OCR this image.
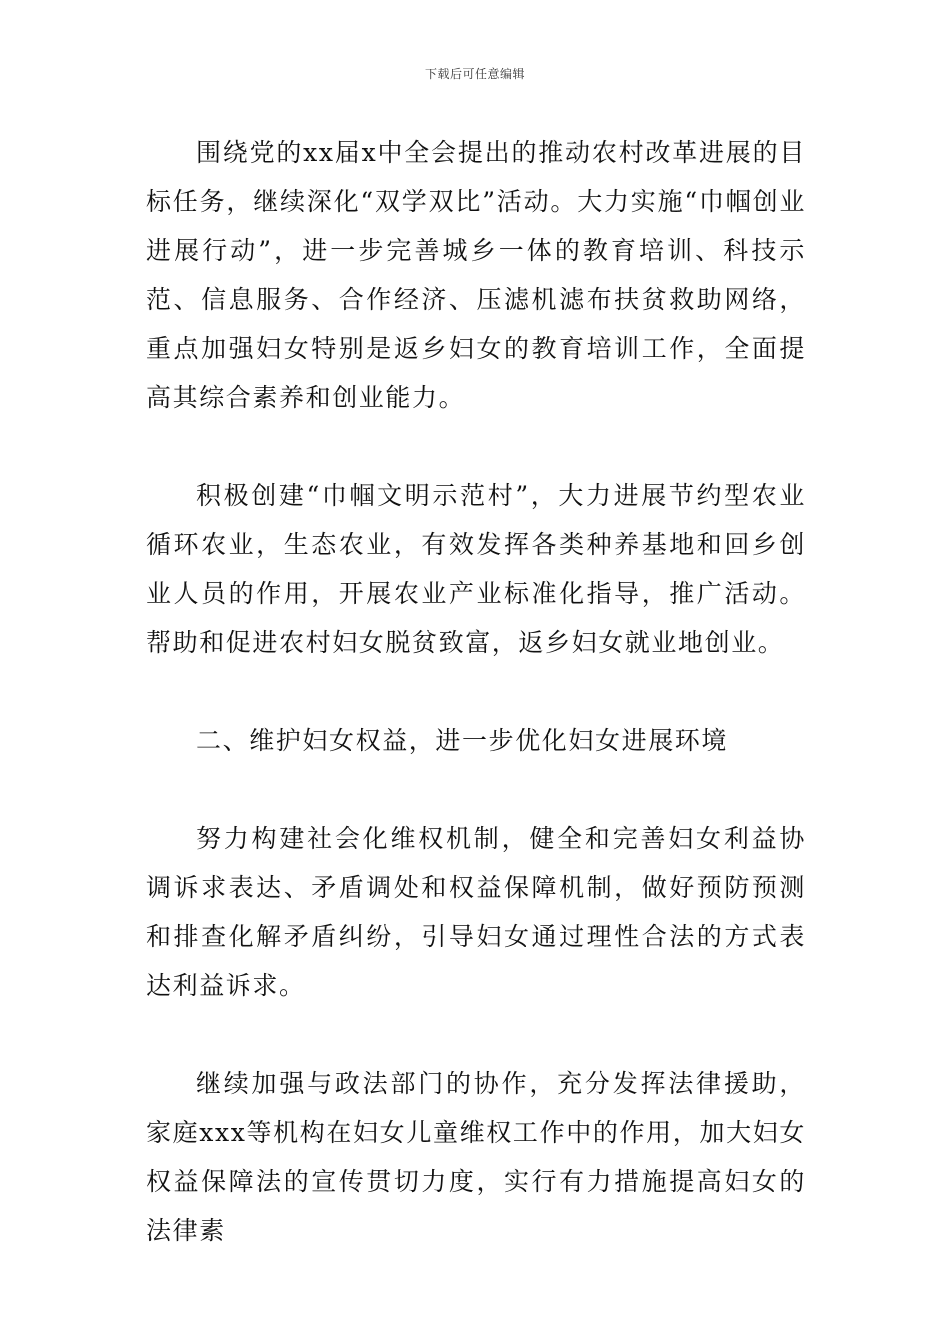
下载后可任意编辑

围绕党的xx届x中全会提出的推动农村改革进展的目标任务，继续深化“双学双比”活动。大力实施“巾帼创业进展行动”，进一步完善城乡一体的教育培训、科技示范、信息服务、合作经济、压滤机滤布扶贫救助网络，重点加强妇女特别是返乡妇女的教育培训工作，全面提高其综合素养和创业能力。

积极创建“巾帼文明示范村”，大力进展节约型农业循环农业，生态农业，有效发挥各类种养基地和回乡创业人员的作用，开展农业产业标准化指导，推广活动。帮助和促进农村妇女脱贫致富，返乡妇女就业地创业。

二、维护妇女权益，进一步优化妇女进展环境

努力构建社会化维权机制，健全和完善妇女利益协调诉求表达、矛盾调处和权益保障机制，做好预防预测和排查化解矛盾纠纷，引导妇女通过理性合法的方式表达利益诉求。

继续加强与政法部门的协作，充分发挥法律援助，家庭xxx等机构在妇女儿童维权工作中的作用，加大妇女权益保障法的宣传贯切力度，实行有力措施提高妇女的法律素
